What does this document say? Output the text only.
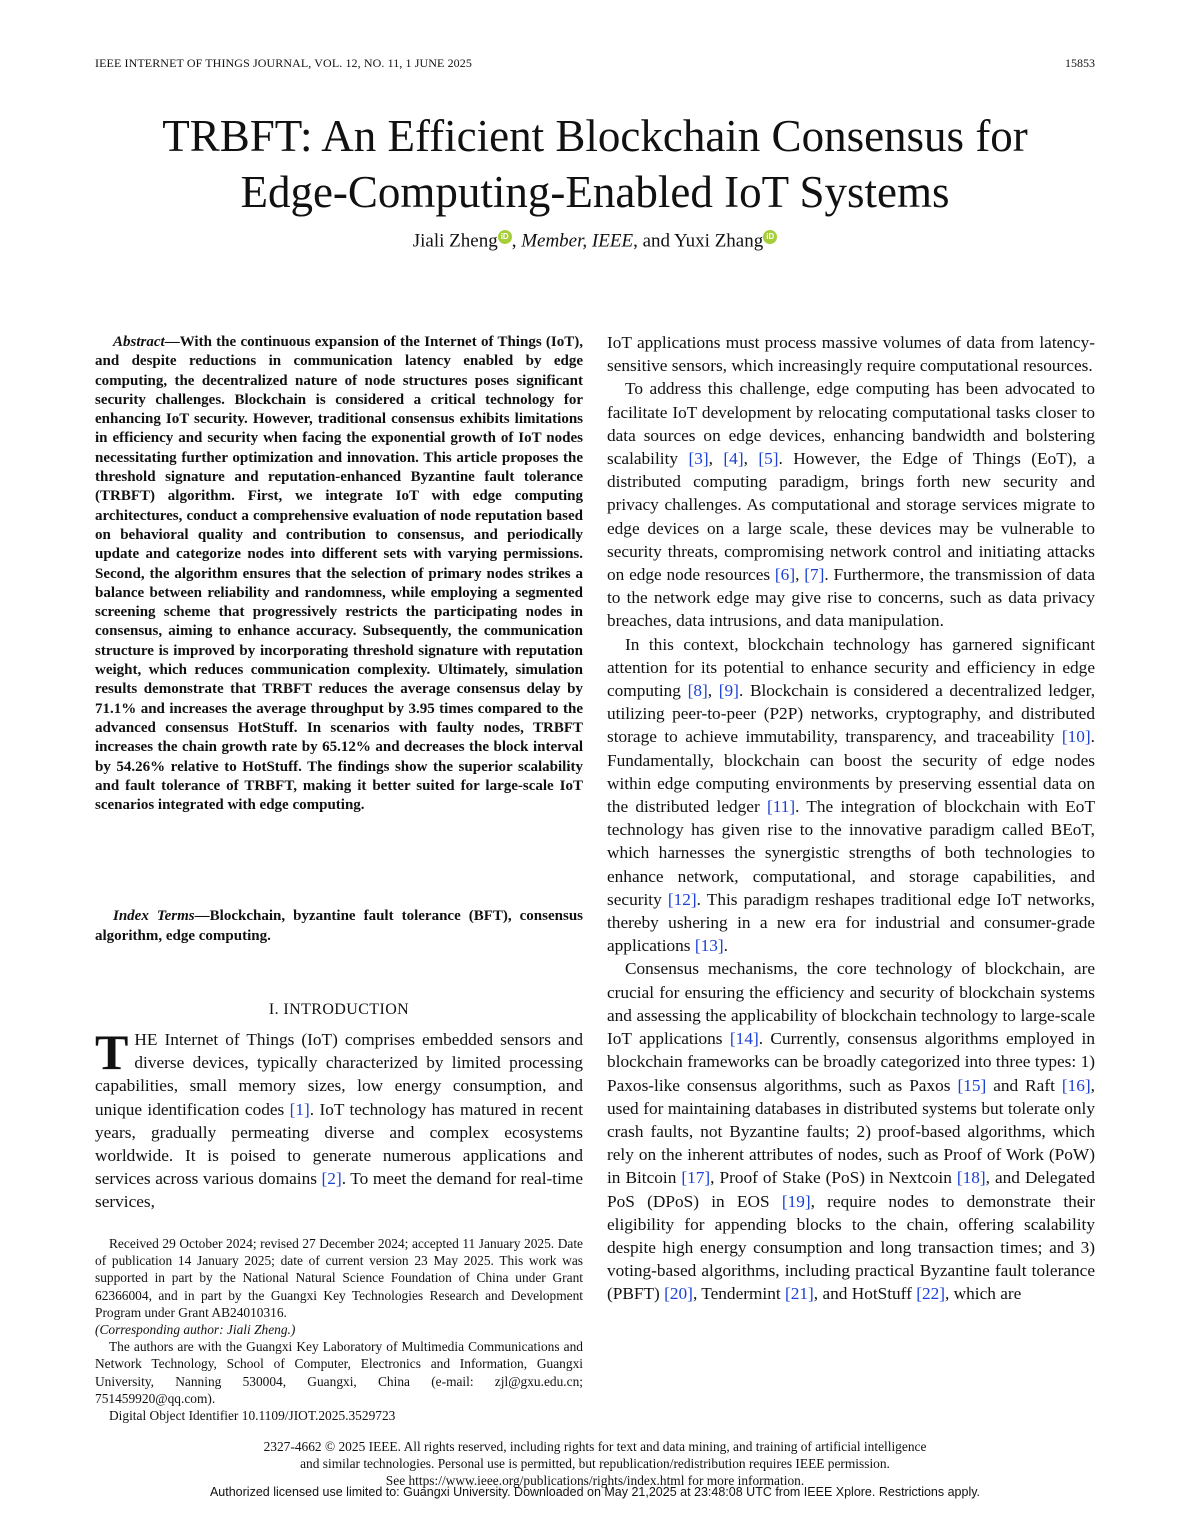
IEEE INTERNET OF THINGS JOURNAL, VOL. 12, NO. 11, 1 JUNE 2025	15853
TRBFT: An Efficient Blockchain Consensus for
Edge-Computing-Enabled IoT Systems
Jiali Zheng iD , Member, IEEE, and Yuxi Zhang iD
Abstract—With the continuous expansion of the Internet of Things (IoT), and despite reductions in communication latency enabled by edge computing, the decentralized nature of node structures poses significant security challenges. Blockchain is considered a critical technology for enhancing IoT security. However, traditional consensus exhibits limitations in efficiency and security when facing the exponential growth of IoT nodes necessitating further optimization and innovation. This article proposes the threshold signature and reputation-enhanced Byzantine fault tolerance (TRBFT) algorithm. First, we integrate IoT with edge computing architectures, conduct a comprehensive evaluation of node reputation based on behavioral quality and contribution to consensus, and periodically update and categorize nodes into different sets with varying permissions. Second, the algorithm ensures that the selection of primary nodes strikes a balance between reliability and randomness, while employing a segmented screening scheme that progressively restricts the participating nodes in consensus, aiming to enhance accuracy. Subsequently, the communication structure is improved by incorporating threshold signature with reputation weight, which reduces communication complexity. Ultimately, simulation results demonstrate that TRBFT reduces the average consensus delay by 71.1% and increases the average throughput by 3.95 times compared to the advanced consensus HotStuff. In scenarios with faulty nodes, TRBFT increases the chain growth rate by 65.12% and decreases the block interval by 54.26% relative to HotStuff. The findings show the superior scalability and fault tolerance of TRBFT, making it better suited for large-scale IoT scenarios integrated with edge computing.
Index Terms—Blockchain, byzantine fault tolerance (BFT), consensus algorithm, edge computing.
I. INTRODUCTION
THE Internet of Things (IoT) comprises embedded sensors and diverse devices, typically characterized by limited processing capabilities, small memory sizes, low energy consumption, and unique identification codes [1]. IoT technology has matured in recent years, gradually permeating diverse and complex ecosystems worldwide. It is poised to generate numerous applications and services across various domains [2]. To meet the demand for real-time services,

Received 29 October 2024; revised 27 December 2024; accepted 11 January 2025. Date of publication 14 January 2025; date of current version 23 May 2025. This work was supported in part by the National Natural Science Foundation of China under Grant 62366004, and in part by the Guangxi Key Technologies Research and Development Program under Grant AB24010316.
(Corresponding author: Jiali Zheng.)

The authors are with the Guangxi Key Laboratory of Multimedia Communications and Network Technology, School of Computer, Electronics and Information, Guangxi University, Nanning 530004, Guangxi, China (e-mail: zjl@gxu.edu.cn; 751459920@qq.com).

Digital Object Identifier 10.1109/JIOT.2025.3529723

IoT applications must process massive volumes of data from latency-sensitive sensors, which increasingly require computational resources.

To address this challenge, edge computing has been advocated to facilitate IoT development by relocating computational tasks closer to data sources on edge devices, enhancing bandwidth and bolstering scalability [3], [4], [5]. However, the Edge of Things (EoT), a distributed computing paradigm, brings forth new security and privacy challenges. As computational and storage services migrate to edge devices on a large scale, these devices may be vulnerable to security threats, compromising network control and initiating attacks on edge node resources [6], [7]. Furthermore, the transmission of data to the network edge may give rise to concerns, such as data privacy breaches, data intrusions, and data manipulation.

In this context, blockchain technology has garnered significant attention for its potential to enhance security and efficiency in edge computing [8], [9]. Blockchain is considered a decentralized ledger, utilizing peer-to-peer (P2P) networks, cryptography, and distributed storage to achieve immutability, transparency, and traceability [10]. Fundamentally, blockchain can boost the security of edge nodes within edge computing environments by preserving essential data on the distributed ledger [11]. The integration of blockchain with EoT technology has given rise to the innovative paradigm called BEoT, which harnesses the synergistic strengths of both technologies to enhance network, computational, and storage capabilities, and security [12]. This paradigm reshapes traditional edge IoT networks, thereby ushering in a new era for industrial and consumer-grade applications [13].

Consensus mechanisms, the core technology of blockchain, are crucial for ensuring the efficiency and security of blockchain systems and assessing the applicability of blockchain technology to large-scale IoT applications [14]. Currently, consensus algorithms employed in blockchain frameworks can be broadly categorized into three types: 1) Paxos-like consensus algorithms, such as Paxos [15] and Raft [16], used for maintaining databases in distributed systems but tolerate only crash faults, not Byzantine faults; 2) proof-based algorithms, which rely on the inherent attributes of nodes, such as Proof of Work (PoW) in Bitcoin [17], Proof of Stake (PoS) in Nextcoin [18], and Delegated PoS (DPoS) in EOS [19], require nodes to demonstrate their eligibility for appending blocks to the chain, offering scalability despite high energy consumption and long transaction times; and 3) voting-based algorithms, including practical Byzantine fault tolerance (PBFT) [20], Tendermint [21], and HotStuff [22], which are

2327-4662 © 2025 IEEE. All rights reserved, including rights for text and data mining, and training of artificial intelligence
and similar technologies. Personal use is permitted, but republication/redistribution requires IEEE permission.
See https://www.ieee.org/publications/rights/index.html for more information.
Authorized licensed use limited to: Guangxi University. Downloaded on May 21,2025 at 23:48:08 UTC from IEEE Xplore. Restrictions apply.
